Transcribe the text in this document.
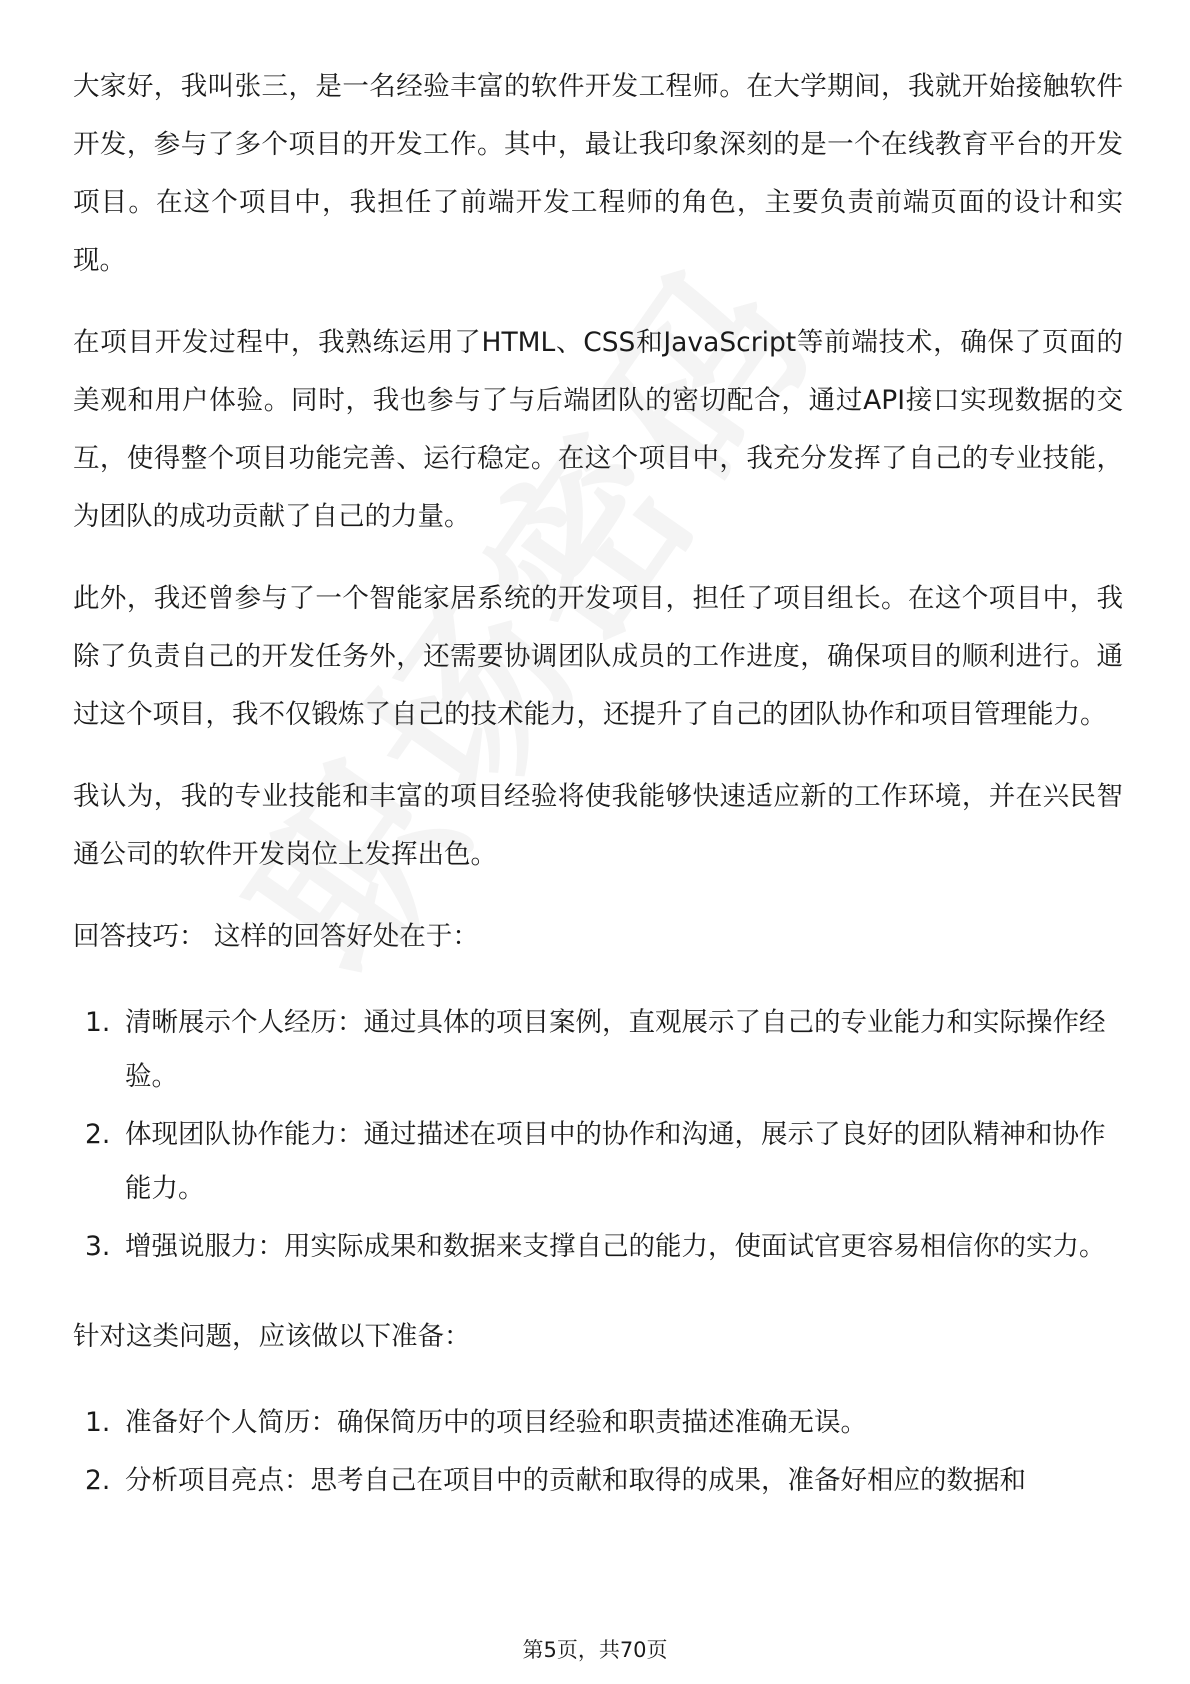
大家好，我叫张三，是一名经验丰富的软件开发工程师。在大学期间，我就开始接触软件开发，参与了多个项目的开发工作。其中，最让我印象深刻的是一个在线教育平台的开发项目。在这个项目中，我担任了前端开发工程师的角色，主要负责前端页面的设计和实现。

在项目开发过程中，我熟练运用了HTML、CSS和JavaScript等前端技术，确保了页面的美观和用户体验。同时，我也参与了与后端团队的密切配合，通过API接口实现数据的交互，使得整个项目功能完善、运行稳定。在这个项目中，我充分发挥了自己的专业技能，为团队的成功贡献了自己的力量。

此外，我还曾参与了一个智能家居系统的开发项目，担任了项目组长。在这个项目中，我除了负责自己的开发任务外，还需要协调团队成员的工作进度，确保项目的顺利进行。通过这个项目，我不仅锻炼了自己的技术能力，还提升了自己的团队协作和项目管理能力。

我认为，我的专业技能和丰富的项目经验将使我能够快速适应新的工作环境，并在兴民智通公司的软件开发岗位上发挥出色。

回答技巧： 这样的回答好处在于：

1. 清晰展示个人经历：通过具体的项目案例，直观展示了自己的专业能力和实际操作经验。
2. 体现团队协作能力：通过描述在项目中的协作和沟通，展示了良好的团队精神和协作能力。
3. 增强说服力：用实际成果和数据来支撑自己的能力，使面试官更容易相信你的实力。

针对这类问题，应该做以下准备：

1. 准备好个人简历：确保简历中的项目经验和职责描述准确无误。
2. 分析项目亮点：思考自己在项目中的贡献和取得的成果，准备好相应的数据和
第5页，共70页
